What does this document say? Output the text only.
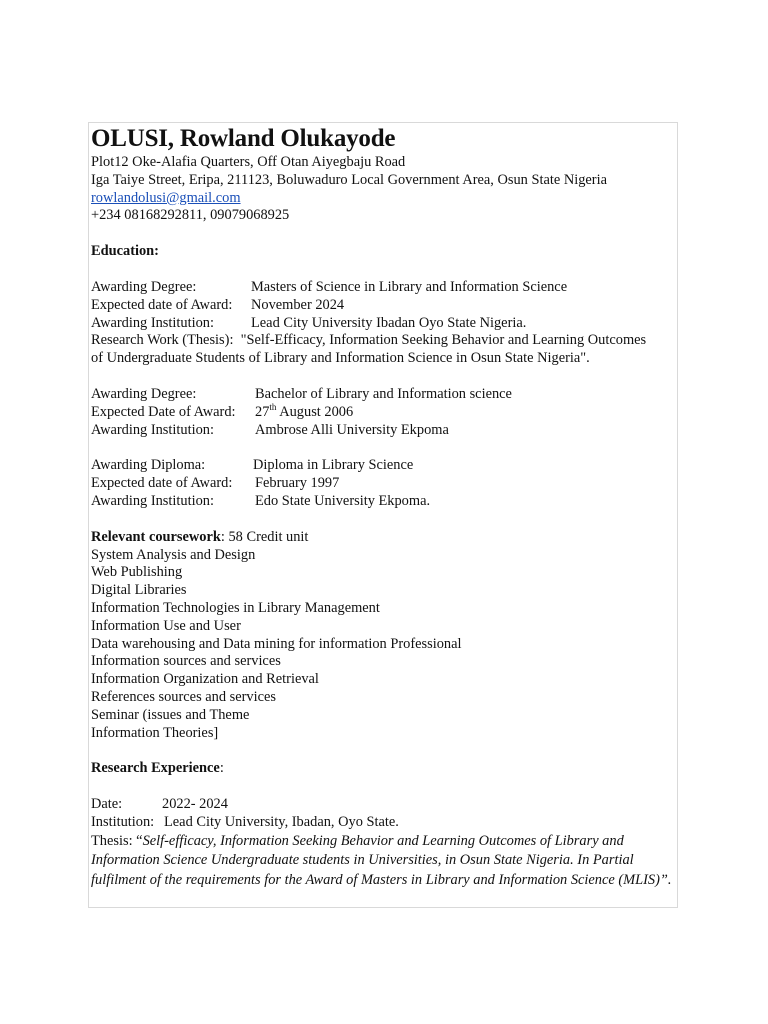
OLUSI, Rowland Olukayode
Plot12 Oke-Alafia Quarters, Off Otan Aiyegbaju Road
Iga Taiye Street, Eripa, 211123, Boluwaduro Local Government Area, Osun State Nigeria
rowlandolusi@gmail.com
+234 08168292811, 09079068925
Education:
Awarding Degree:	Masters of Science in Library and Information Science
Expected date of Award: November 2024
Awarding Institution:	Lead City University Ibadan Oyo State Nigeria.
Research Work (Thesis): "Self-Efficacy, Information Seeking Behavior and Learning Outcomes
of Undergraduate Students of Library and Information Science in Osun State Nigeria".
Awarding Degree:	Bachelor of Library and Information science
Expected Date of Award: 27th August 2006
Awarding Institution:	Ambrose Alli University Ekpoma
Awarding Diploma:	Diploma in Library Science
Expected date of Award: February 1997
Awarding Institution:	Edo State University Ekpoma.
Relevant coursework: 58 Credit unit
System Analysis and Design
Web Publishing
Digital Libraries
Information Technologies in Library Management
Information Use and User
Data warehousing and Data mining for information Professional
Information sources and services
Information Organization and Retrieval
References sources and services
Seminar (issues and Theme
Information Theories]
Research Experience:
Date:	2022- 2024
Institution: Lead City University, Ibadan, Oyo State.
Thesis: “Self-efficacy, Information Seeking Behavior and Learning Outcomes of Library and Information Science Undergraduate students in Universities, in Osun State Nigeria. In Partial fulfilment of the requirements for the Award of Masters in Library and Information Science (MLIS)”.
